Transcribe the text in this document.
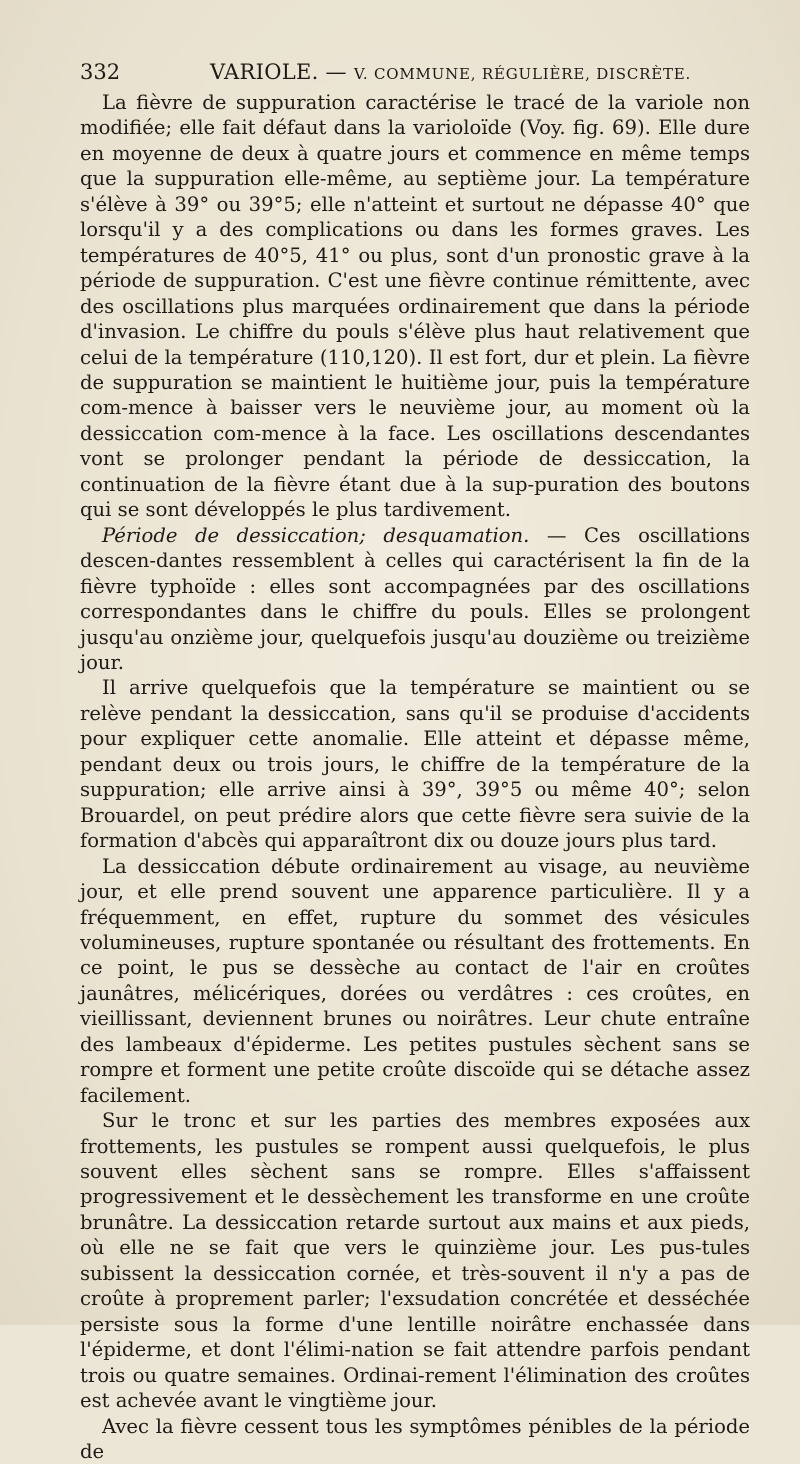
332	VARIOLE. — V. COMMUNE, RÉGULIÈRE, DISCRÈTE.

La fièvre de suppuration caractérise le tracé de la variole non modifiée; elle fait défaut dans la varioloïde (Voy. fig. 69). Elle dure en moyenne de deux à quatre jours et commence en même temps que la suppuration elle-​même, au septième jour. La température s'élève à 39° ou 39°5; elle n'atteint et surtout ne dépasse 40° que lorsqu'il y a des complications ou dans les formes graves. Les températures de 40°5, 41° ou plus, sont d'un pronostic grave à la période de suppuration. C'est une fièvre continue rémittente, avec des oscillations plus marquées ordinairement que dans la période d'invasion. Le chiffre du pouls s'élève plus haut relativement que celui de la température (110,120). Il est fort, dur et plein. La fièvre de suppuration se maintient le huitième jour, puis la température com-​mence à baisser vers le neuvième jour, au moment où la dessiccation com-​mence à la face. Les oscillations descendantes vont se prolonger pendant la période de dessiccation, la continuation de la fièvre étant due à la sup-​puration des boutons qui se sont développés le plus tardivement.

Période de dessiccation; desquamation. — Ces oscillations descen-​dantes ressemblent à celles qui caractérisent la fin de la fièvre typhoïde : elles sont accompagnées par des oscillations correspondantes dans le chiffre du pouls. Elles se prolongent jusqu'au onzième jour, quelquefois jusqu'au douzième ou treizième jour.

Il arrive quelquefois que la température se maintient ou se relève pendant la dessiccation, sans qu'il se produise d'accidents pour expliquer cette anomalie. Elle atteint et dépasse même, pendant deux ou trois jours, le chiffre de la température de la suppuration; elle arrive ainsi à 39°, 39°5 ou même 40°; selon Brouardel, on peut prédire alors que cette fièvre sera suivie de la formation d'abcès qui apparaîtront dix ou douze jours plus tard.

La dessiccation débute ordinairement au visage, au neuvième jour, et elle prend souvent une apparence particulière. Il y a fréquemment, en effet, rupture du sommet des vésicules volumineuses, rupture spontanée ou résultant des frottements. En ce point, le pus se dessèche au contact de l'air en croûtes jaunâtres, mélicériques, dorées ou verdâtres : ces croûtes, en vieillissant, deviennent brunes ou noirâtres. Leur chute entraîne des lambeaux d'épiderme. Les petites pustules sèchent sans se rompre et forment une petite croûte discoïde qui se détache assez facilement.

Sur le tronc et sur les parties des membres exposées aux frottements, les pustules se rompent aussi quelquefois, le plus souvent elles sèchent sans se rompre. Elles s'affaissent progressivement et le dessèchement les transforme en une croûte brunâtre. La dessiccation retarde surtout aux mains et aux pieds, où elle ne se fait que vers le quinzième jour. Les pus-​tules subissent la dessiccation cornée, et très-​souvent il n'y a pas de croûte à proprement parler; l'exsudation concrétée et desséchée persiste sous la forme d'une lentille noirâtre enchassée dans l'épiderme, et dont l'élimi-​nation se fait attendre parfois pendant trois ou quatre semaines. Ordinai-​rement l'élimination des croûtes est achevée avant le vingtième jour.

Avec la fièvre cessent tous les symptômes pénibles de la période de
